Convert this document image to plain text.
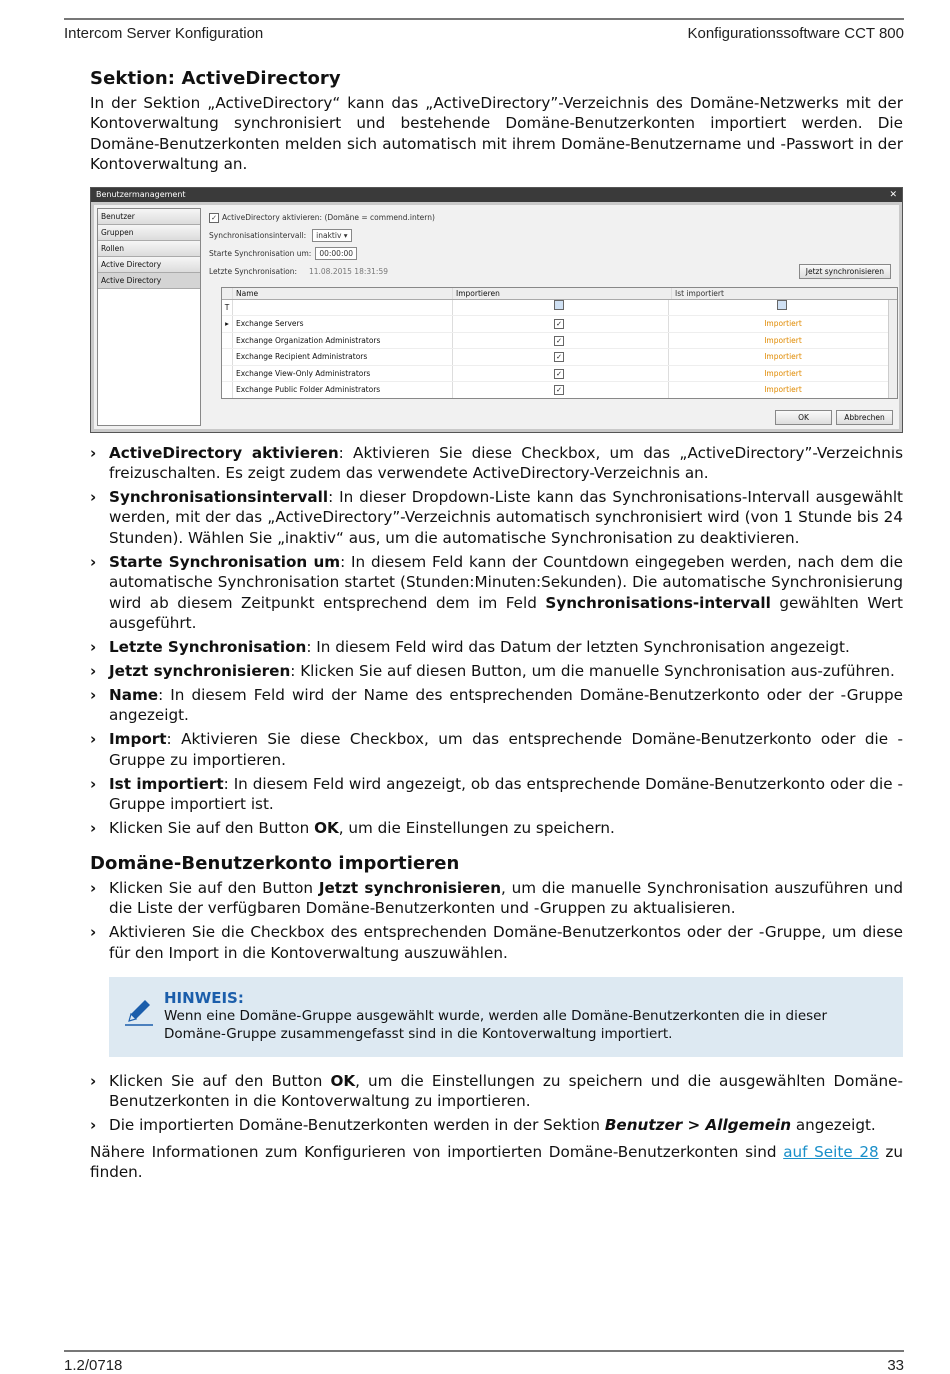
Intercom Server Konfiguration	Konfigurationssoftware CCT 800
Sektion: ActiveDirectory

In der Sektion „ActiveDirectory“ kann das „ActiveDirectory”-Verzeichnis des Domäne-Netzwerks mit der Kontoverwaltung synchronisiert und bestehende Domäne-Benutzerkonten importiert werden. Die Domäne-Benutzerkonten melden sich automatisch mit ihrem Domäne-Benutzername und -Passwort in der Kontoverwaltung an.

Benutzermanagement	✕
Benutzer
Gruppen
Rollen
Active Directory
Active Directory
✓ ActiveDirectory aktivieren: (Domäne = commend.intern)
Synchronisationsintervall:	inaktiv ▾
Starte Synchronisation um:	00:00:00
Letzte Synchronisation:
11.08.2015 18:31:59	Jetzt synchronisieren
Name	Importieren	Ist importiert
T
▸ Exchange Servers	✓	Importiert
Exchange Organization Administrators	✓	Importiert
Exchange Recipient Administrators	✓	Importiert
Exchange View-Only Administrators	✓	Importiert
Exchange Public Folder Administrators	✓	Importiert
OK	Abbrechen
› ActiveDirectory aktivieren: Aktivieren Sie diese Checkbox, um das „ActiveDirectory”-Verzeichnis freizuschalten. Es zeigt zudem das verwendete ActiveDirectory-Verzeichnis an.
› Synchronisationsintervall: In dieser Dropdown-Liste kann das Synchronisations-Intervall ausgewählt werden, mit der das „ActiveDirectory”-Verzeichnis automatisch synchronisiert wird (von 1 Stunde bis 24 Stunden). Wählen Sie „inaktiv“ aus, um die automatische Synchronisation zu deaktivieren.
› Starte Synchronisation um: In diesem Feld kann der Countdown eingegeben werden, nach dem die automatische Synchronisation startet (Stunden:Minuten:Sekunden). Die automatische Synchronisierung wird ab diesem Zeitpunkt entsprechend dem im Feld Synchronisations-intervall gewählten Wert ausgeführt.
› Letzte Synchronisation: In diesem Feld wird das Datum der letzten Synchronisation angezeigt.
› Jetzt synchronisieren: Klicken Sie auf diesen Button, um die manuelle Synchronisation aus-zuführen.
› Name: In diesem Feld wird der Name des entsprechenden Domäne-Benutzerkonto oder der -Gruppe angezeigt.
› Import: Aktivieren Sie diese Checkbox, um das entsprechende Domäne-Benutzerkonto oder die -Gruppe zu importieren.
› Ist importiert: In diesem Feld wird angezeigt, ob das entsprechende Domäne-Benutzerkonto oder die -Gruppe importiert ist.
› Klicken Sie auf den Button OK, um die Einstellungen zu speichern.
Domäne-Benutzerkonto importieren
› Klicken Sie auf den Button Jetzt synchronisieren, um die manuelle Synchronisation auszuführen und die Liste der verfügbaren Domäne-Benutzerkonten und -Gruppen zu aktualisieren.
› Aktivieren Sie die Checkbox des entsprechenden Domäne-Benutzerkontos oder der -Gruppe, um diese für den Import in die Kontoverwaltung auszuwählen.
HINWEIS:
Wenn eine Domäne-Gruppe ausgewählt wurde, werden alle Domäne-Benutzerkonten die in dieser Domäne-Gruppe zusammengefasst sind in die Kontoverwaltung importiert.
› Klicken Sie auf den Button OK, um die Einstellungen zu speichern und die ausgewählten Domäne-Benutzerkonten in die Kontoverwaltung zu importieren.
› Die importierten Domäne-Benutzerkonten werden in der Sektion Benutzer > Allgemein angezeigt.

Nähere Informationen zum Konfigurieren von importierten Domäne-Benutzerkonten sind auf Seite 28 zu finden.

1.2/0718	33
